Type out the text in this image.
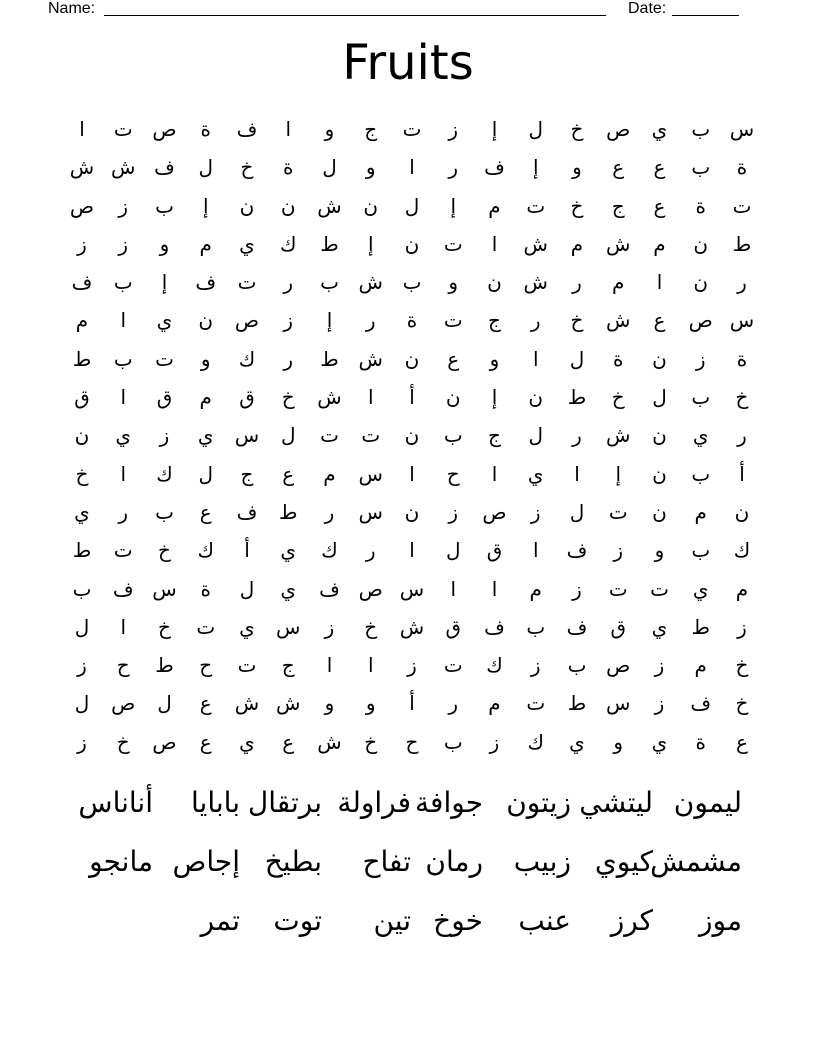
Name:	Date:
Fruits
س
ب
ي
ص
خ
ل
إ
ز
ت
ج
و
ا
ف
ة
ص
ت
ا
ة
ب
ع
ع
و
إ
ف
ر
ا
و
ل
ة
خ
ل
ف
ش
ش
ت
ة
ع
ج
خ
ت
م
إ
ل
ن
ش
ن
ن
إ
ب
ز
ص
ط
ن
م
ش
م
ش
ا
ت
ن
إ
ط
ك
ي
م
و
ز
ز
ر
ن
ا
م
ر
ش
ن
و
ب
ش
ب
ر
ت
ف
إ
ب
ف
س
ص
ع
ش
خ
ر
ج
ت
ة
ر
إ
ز
ص
ن
ي
ا
م
ة
ز
ن
ة
ل
ا
و
ع
ن
ش
ط
ر
ك
و
ت
ب
ط
خ
ب
ل
خ
ط
ن
إ
ن
أ
ا
ش
خ
ق
م
ق
ا
ق
ر
ي
ن
ش
ر
ل
ج
ب
ن
ت
ت
ل
س
ي
ز
ي
ن
أ
ب
ن
إ
ا
ي
ا
ح
ا
س
م
ع
ج
ل
ك
ا
خ
ن
م
ن
ت
ل
ز
ص
ز
ن
س
ر
ط
ف
ع
ب
ر
ي
ك
ب
و
ز
ف
ا
ق
ل
ا
ر
ك
ي
أ
ك
خ
ت
ط
م
ي
ت
ت
ز
م
ا
ا
س
ص
ف
ي
ل
ة
س
ف
ب
ز
ط
ي
ق
ف
ب
ف
ق
ش
خ
ز
س
ي
ت
خ
ا
ل
خ
م
ز
ص
ب
ز
ك
ت
ز
ا
ا
ج
ت
ح
ط
ح
ز
خ
ف
ز
س
ط
ت
م
ر
أ
و
و
ش
ش
ع
ل
ص
ل
ع
ة
ي
و
ي
ك
ز
ب
ح
خ
ش
ع
ي
ع
ص
خ
ز
ليمون
ليتشي
زيتون
جوافة
فراولة
برتقال
بابايا
أناناس
مشمش
كيوي
زبيب
رمان
تفاح
بطيخ
إجاص
مانجو
موز
كرز
عنب
خوخ
تين
توت
تمر
